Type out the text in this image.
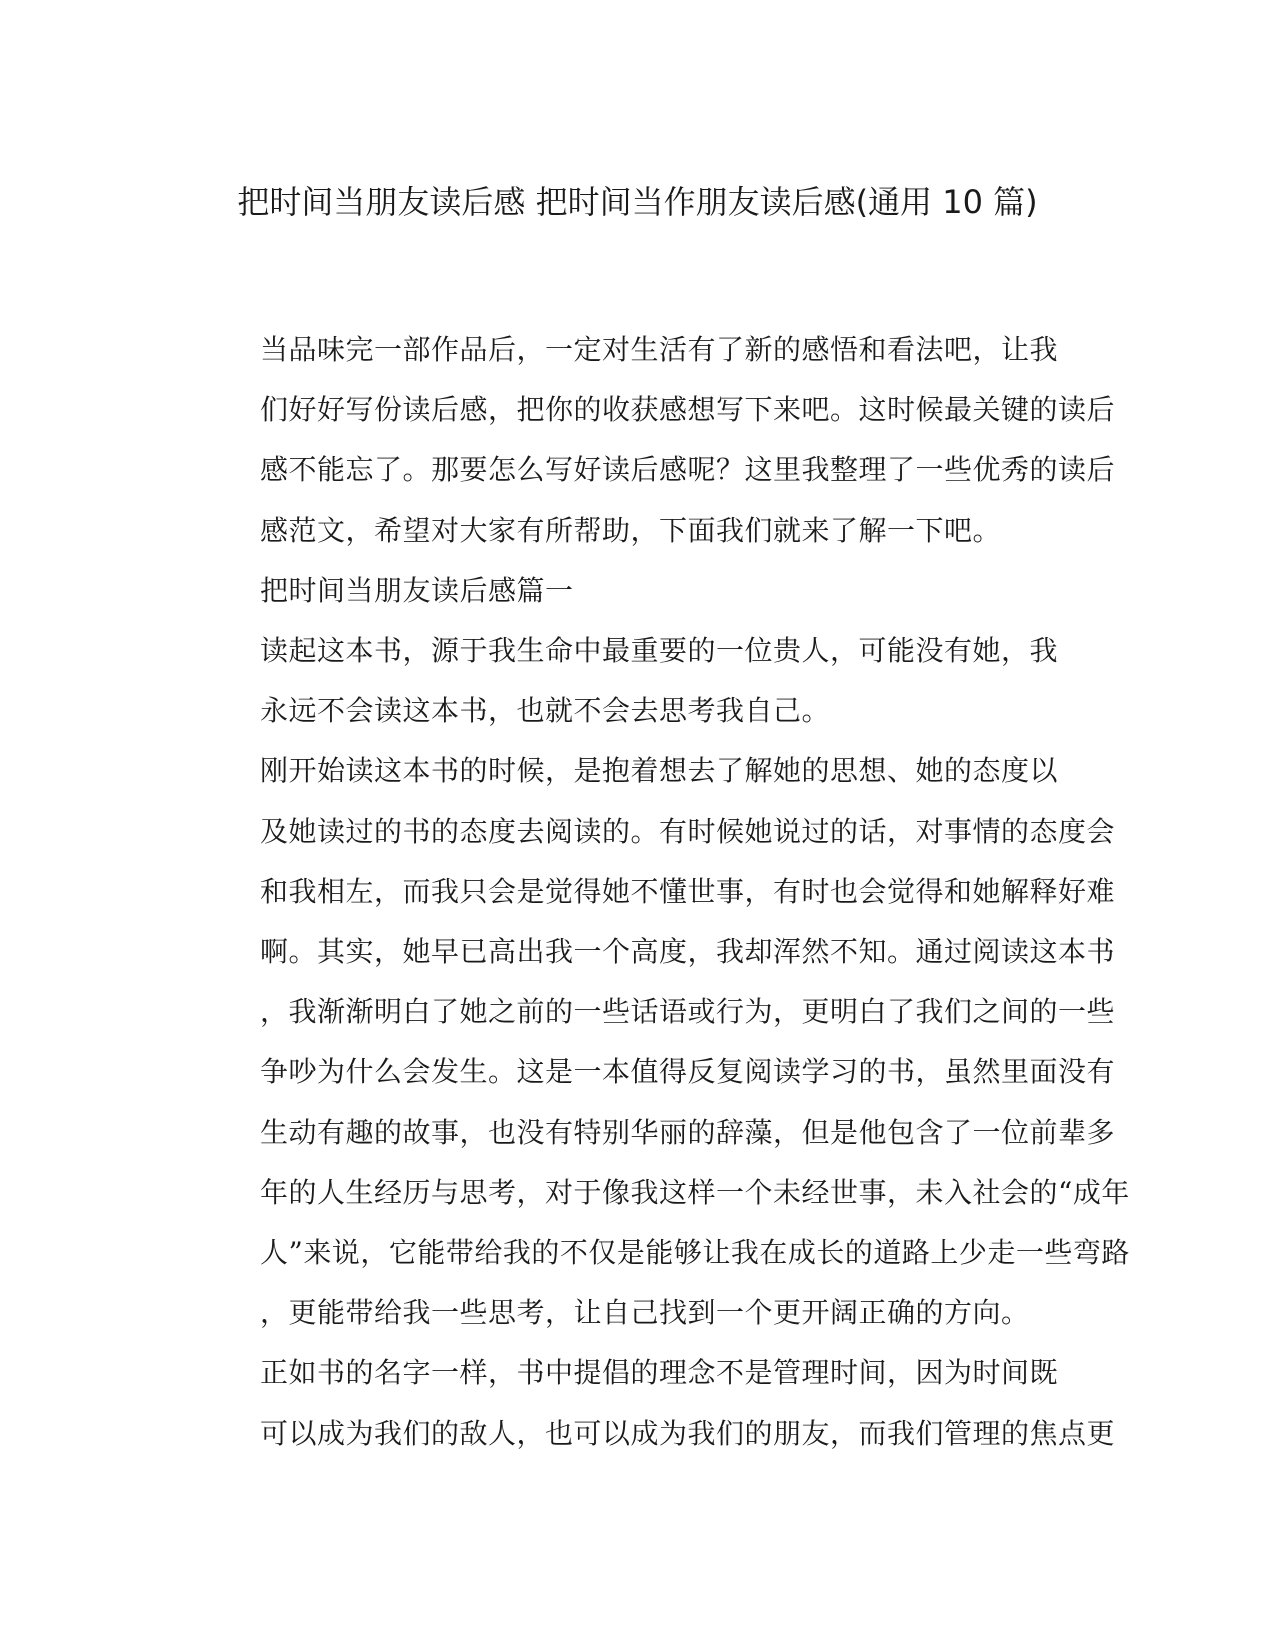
把时间当朋友读后感 把时间当作朋友读后感(通用 10 篇)

当品味完一部作品后，一定对生活有了新的感悟和看法吧，让我
们好好写份读后感，把你的收获感想写下来吧。这时候最关键的读后
感不能忘了。那要怎么写好读后感呢？这里我整理了一些优秀的读后
感范文，希望对大家有所帮助，下面我们就来了解一下吧。

把时间当朋友读后感篇一

读起这本书，源于我生命中最重要的一位贵人，可能没有她，我
永远不会读这本书，也就不会去思考我自己。

刚开始读这本书的时候，是抱着想去了解她的思想、她的态度以
及她读过的书的态度去阅读的。有时候她说过的话，对事情的态度会
和我相左，而我只会是觉得她不懂世事，有时也会觉得和她解释好难
啊。其实，她早已高出我一个高度，我却浑然不知。通过阅读这本书
，我渐渐明白了她之前的一些话语或行为，更明白了我们之间的一些
争吵为什么会发生。这是一本值得反复阅读学习的书，虽然里面没有
生动有趣的故事，也没有特别华丽的辞藻，但是他包含了一位前辈多
年的人生经历与思考，对于像我这样一个未经世事，未入社会的“成年
人”来说，它能带给我的不仅是能够让我在成长的道路上少走一些弯路
，更能带给我一些思考，让自己找到一个更开阔正确的方向。

正如书的名字一样，书中提倡的理念不是管理时间，因为时间既
可以成为我们的敌人，也可以成为我们的朋友，而我们管理的焦点更
